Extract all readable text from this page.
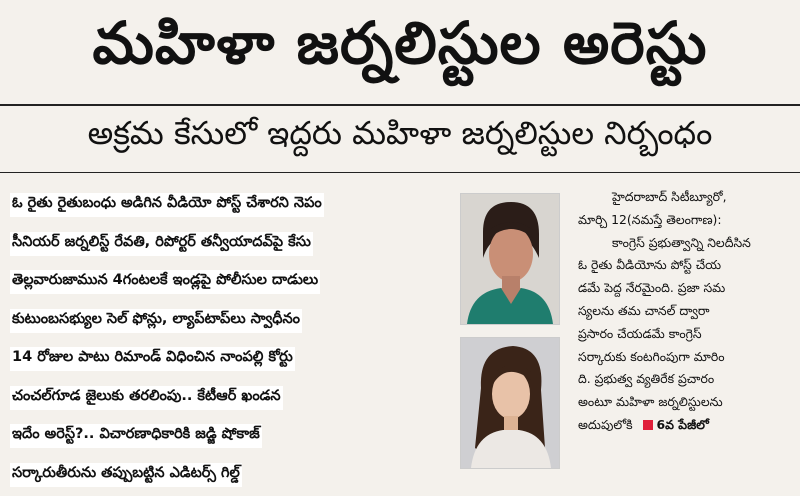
మహిళా జర్నలిస్టుల అరెస్టు
అక్రమ కేసులో ఇద్దరు మహిళా జర్నలిస్టుల నిర్బంధం
ఓ రైతు రైతుబంధు అడిగిన వీడియో పోస్ట్ చేశారని నెపం
సీనియర్ జర్నలిస్ట్ రేవతి, రిపోర్టర్ తన్వీయాదవ్‌పై కేసు
తెల్లవారుజామున 4గంటలకే ఇండ్లపై పోలీసుల దాడులు
కుటుంబసభ్యుల సెల్ ఫోన్లు, ల్యాప్‌టాప్‌లు స్వాధీనం
14 రోజుల పాటు రిమాండ్ విధించిన నాంపల్లి కోర్టు
చంచల్‌గూడ జైలుకు తరలింపు.. కేటీఆర్ ఖండన
ఇదేం అరెస్ట్?.. విచారణాధికారికి జడ్జి షోకాజ్
సర్కారుతీరును తప్పుబట్టిన ఎడిటర్స్ గిల్డ్
హైదరాబాద్ సిటీబ్యూరో,
మార్చి 12(నమస్తే తెలంగాణ):
కాంగ్రెస్ ప్రభుత్వాన్ని నిలదీసిన
ఓ రైతు వీడియోను పోస్ట్ చేయ
డమే పెద్ద నేరమైంది. ప్రజా సమ
స్యలను తమ చానల్ ద్వారా
ప్రసారం చేయడమే కాంగ్రెస్
సర్కారుకు కంటగింపుగా మారిం
ది. ప్రభుత్వ వ్యతిరేక ప్రచారం
అంటూ మహిళా జర్నలిస్టులను
అదుపులోకి 6వ పేజీలో
